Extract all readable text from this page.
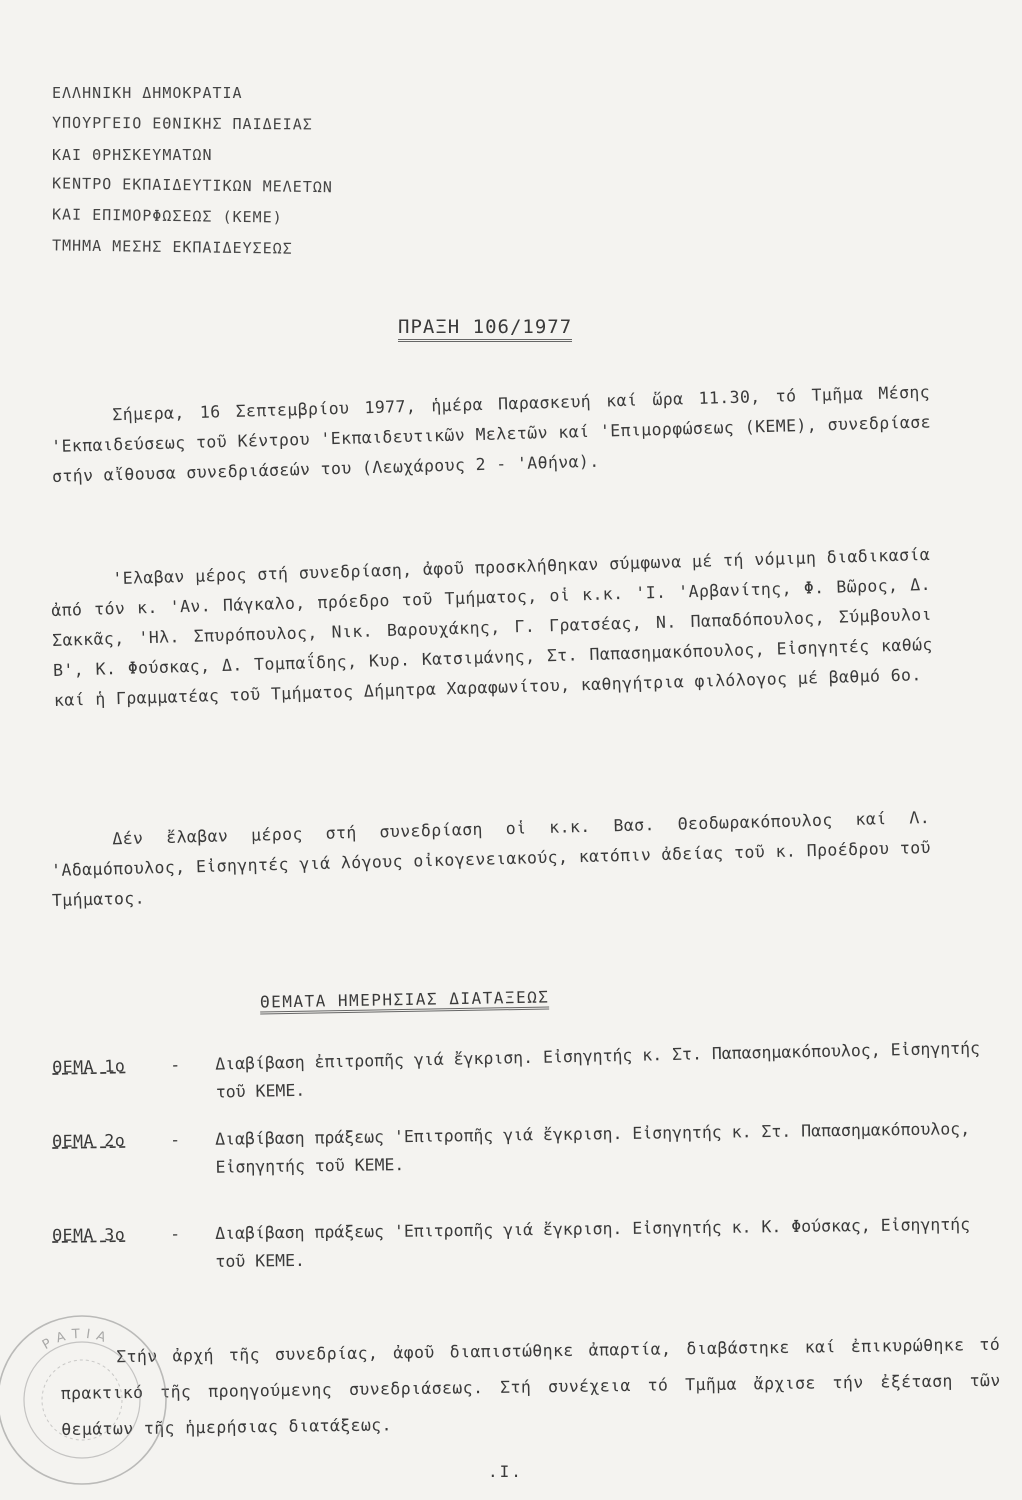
ΕΛΛΗΝΙΚΗ ΔΗΜΟΚΡΑΤΙΑ
ΥΠΟΥΡΓΕΙΟ ΕΘΝΙΚΗΣ ΠΑΙΔΕΙΑΣ
ΚΑΙ ΘΡΗΣΚΕΥΜΑΤΩΝ
ΚΕΝΤΡΟ ΕΚΠΑΙΔΕΥΤΙΚΩΝ ΜΕΛΕΤΩΝ
ΚΑΙ ΕΠΙΜΟΡΦΩΣΕΩΣ (ΚΕΜΕ)
ΤΜΗΜΑ ΜΕΣΗΣ ΕΚΠΑΙΔΕΥΣΕΩΣ
ΠΡΑΞΗ 106/1977
Σήμερα, 16 Σεπτεμβρίου 1977, ἡμέρα Παρασκευή καί ὥρα 11.30, τό Τμῆμα Μέσης 'Εκπαιδεύσεως τοῦ Κέντρου 'Εκπαιδευτικῶν Μελετῶν καί 'Επιμορφώσεως (ΚΕΜΕ), συνεδρίασε στήν αἴθουσα συνεδριάσεών του (Λεωχάρους 2 - 'Αθήνα).
'Ελαβαν μέρος στή συνεδρίαση, ἀφοῦ προσκλήθηκαν σύμφωνα μέ τή νόμιμη διαδικασία ἀπό τόν κ. 'Αν. Πάγκαλο, πρόεδρο τοῦ Τμήματος, οἱ κ.κ. 'Ι. 'Αρβανίτης, Φ. Βῶρος, Δ. Σακκᾶς, 'Ηλ. Σπυρόπουλος, Νικ. Βαρουχάκης, Γ. Γρατσέας, Ν. Παπαδόπουλος, Σύμβουλοι Β', Κ. Φούσκας, Δ. Τομπαΐδης, Κυρ. Κατσιμάνης, Στ. Παπασημακόπουλος, Εἰσηγητές καθώς καί ἡ Γραμματέας τοῦ Τμήματος Δήμητρα Χαραφωνίτου, καθηγήτρια φιλόλογος μέ βαθμό 6ο.
Δέν ἔλαβαν μέρος στή συνεδρίαση οἱ κ.κ. Βασ. Θεοδωρακόπουλος καί Λ. 'Αδαμόπουλος, Εἰσηγητές γιά λόγους οἰκογενειακούς, κατόπιν ἀδείας τοῦ κ. Προέδρου τοῦ Τμήματος.
ΘΕΜΑΤΑ ΗΜΕΡΗΣΙΑΣ ΔΙΑΤΑΞΕΩΣ
ΘΕΜΑ 1ο	- Διαβίβαση ἐπιτροπῆς γιά ἔγκριση. Εἰσηγητής κ. Στ. Παπασημακόπουλος, Εἰσηγητής τοῦ ΚΕΜΕ.
ΘΕΜΑ 2ο	- Διαβίβαση πράξεως 'Επιτροπῆς γιά ἔγκριση. Εἰσηγητής κ. Στ. Παπασημακόπουλος, Εἰσηγητής τοῦ ΚΕΜΕ.
ΘΕΜΑ 3ο	- Διαβίβαση πράξεως 'Επιτροπῆς γιά ἔγκριση. Εἰσηγητής κ. Κ. Φούσκας, Εἰσηγητής τοῦ ΚΕΜΕ.
Στήν ἀρχή τῆς συνεδρίας, ἀφοῦ διαπιστώθηκε ἀπαρτία, διαβάστηκε καί ἐπικυρώθηκε τό πρακτικό τῆς προηγούμενης συνεδριάσεως. Στή συνέχεια τό Τμῆμα ἄρχισε τήν ἐξέταση τῶν θεμάτων τῆς ἡμερήσιας διατάξεως.
ΡΑΤΙΑ
.Ι.
